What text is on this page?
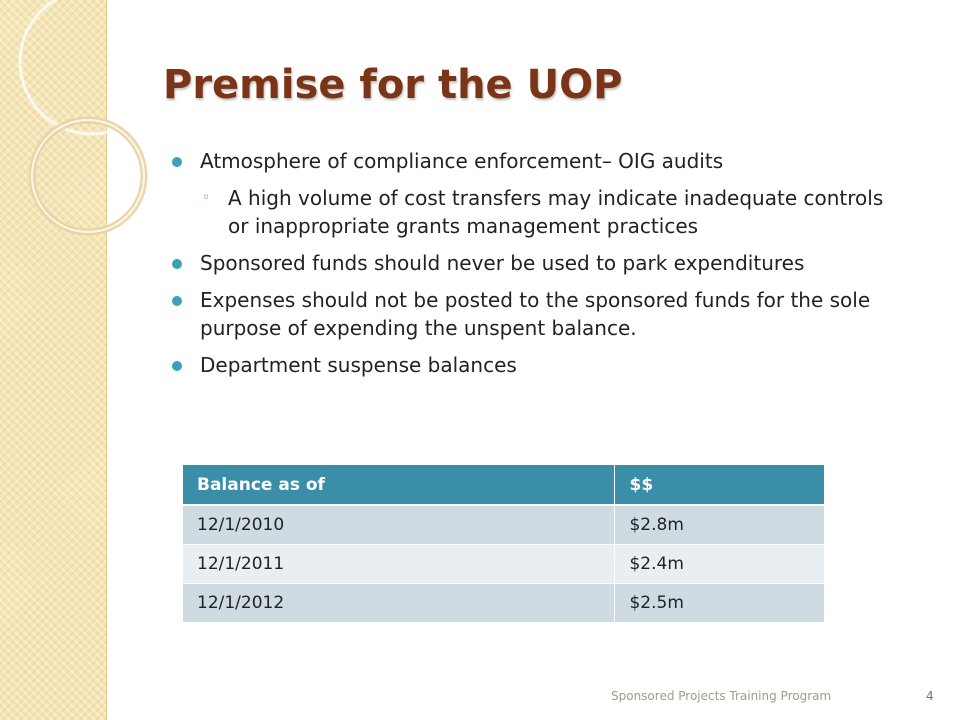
Premise for the UOP
Atmosphere of compliance enforcement– OIG audits
◦ A high volume of cost transfers may indicate inadequate controls or inappropriate grants management practices
Sponsored funds should never be used to park expenditures
Expenses should not be posted to the sponsored funds for the sole purpose of expending the unspent balance.
Department suspense balances
Balance as of	$$
12/1/2010	$2.8m
12/1/2011	$2.4m
12/1/2012	$2.5m
Sponsored Projects Training Program	4
